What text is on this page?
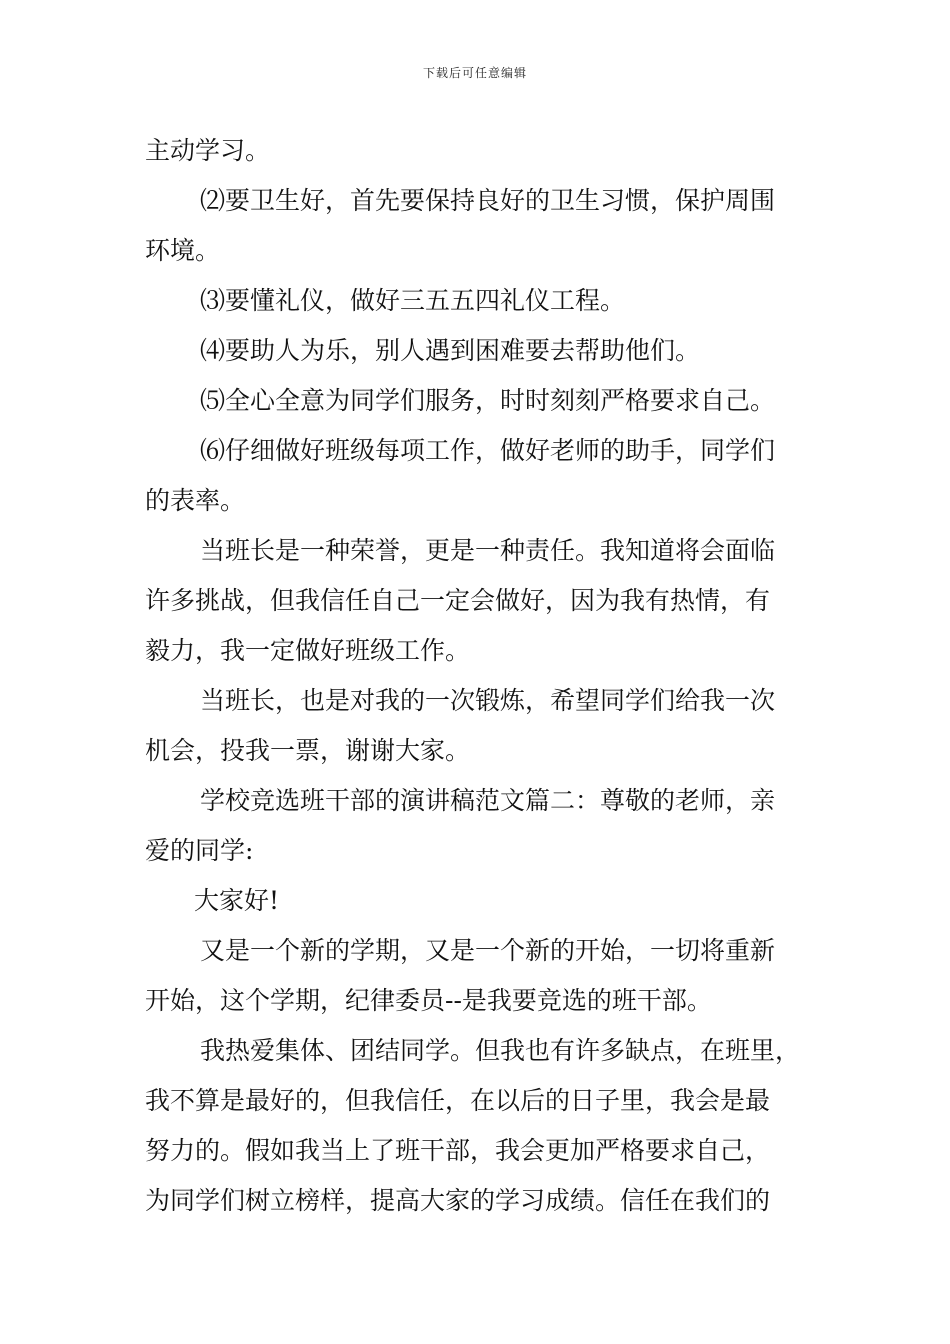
下载后可任意编辑
主动学习。
⑵要卫生好，首先要保持良好的卫生习惯，保护周围
环境。
⑶要懂礼仪，做好三五五四礼仪工程。
⑷要助人为乐，别人遇到困难要去帮助他们。
⑸全心全意为同学们服务，时时刻刻严格要求自己。
⑹仔细做好班级每项工作，做好老师的助手，同学们
的表率。
当班长是一种荣誉，更是一种责任。我知道将会面临
许多挑战，但我信任自己一定会做好，因为我有热情，有
毅力，我一定做好班级工作。
当班长，也是对我的一次锻炼，希望同学们给我一次
机会，投我一票，谢谢大家。
学校竞选班干部的演讲稿范文篇二：尊敬的老师，亲
爱的同学:
大家好!
又是一个新的学期，又是一个新的开始，一切将重新
开始，这个学期，纪律委员--是我要竞选的班干部。
我热爱集体、团结同学。但我也有许多缺点，在班里，
我不算是最好的，但我信任，在以后的日子里，我会是最
努力的。假如我当上了班干部，我会更加严格要求自己，
为同学们树立榜样，提高大家的学习成绩。信任在我们的
